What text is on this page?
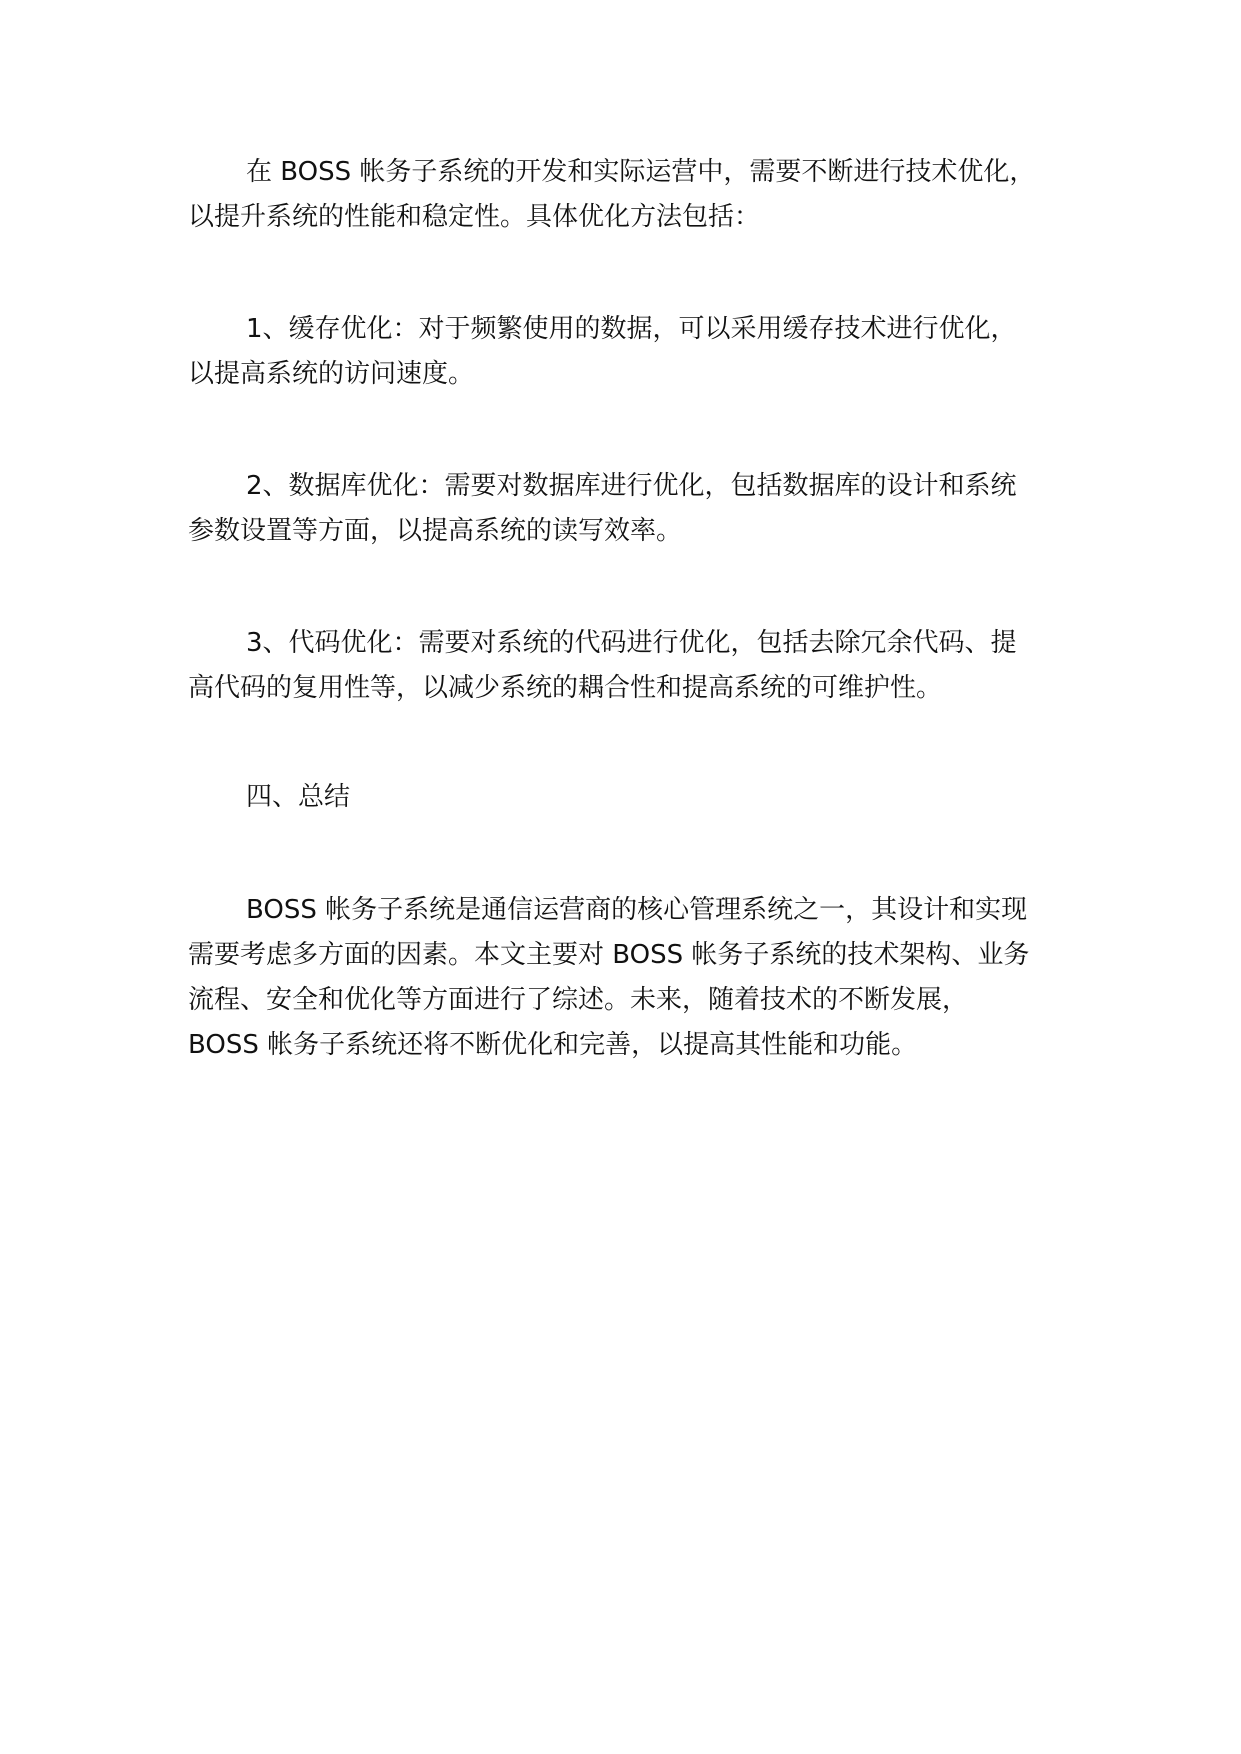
在 BOSS 帐务子系统的开发和实际运营中，需要不断进行技术优化，
以提升系统的性能和稳定性。具体优化方法包括：

1、缓存优化：对于频繁使用的数据，可以采用缓存技术进行优化，
以提高系统的访问速度。

2、数据库优化：需要对数据库进行优化，包括数据库的设计和系统
参数设置等方面，以提高系统的读写效率。

3、代码优化：需要对系统的代码进行优化，包括去除冗余代码、提
高代码的复用性等，以减少系统的耦合性和提高系统的可维护性。

四、总结

BOSS 帐务子系统是通信运营商的核心管理系统之一，其设计和实现
需要考虑多方面的因素。本文主要对 BOSS 帐务子系统的技术架构、业务
流程、安全和优化等方面进行了综述。未来，随着技术的不断发展，
BOSS 帐务子系统还将不断优化和完善，以提高其性能和功能。
